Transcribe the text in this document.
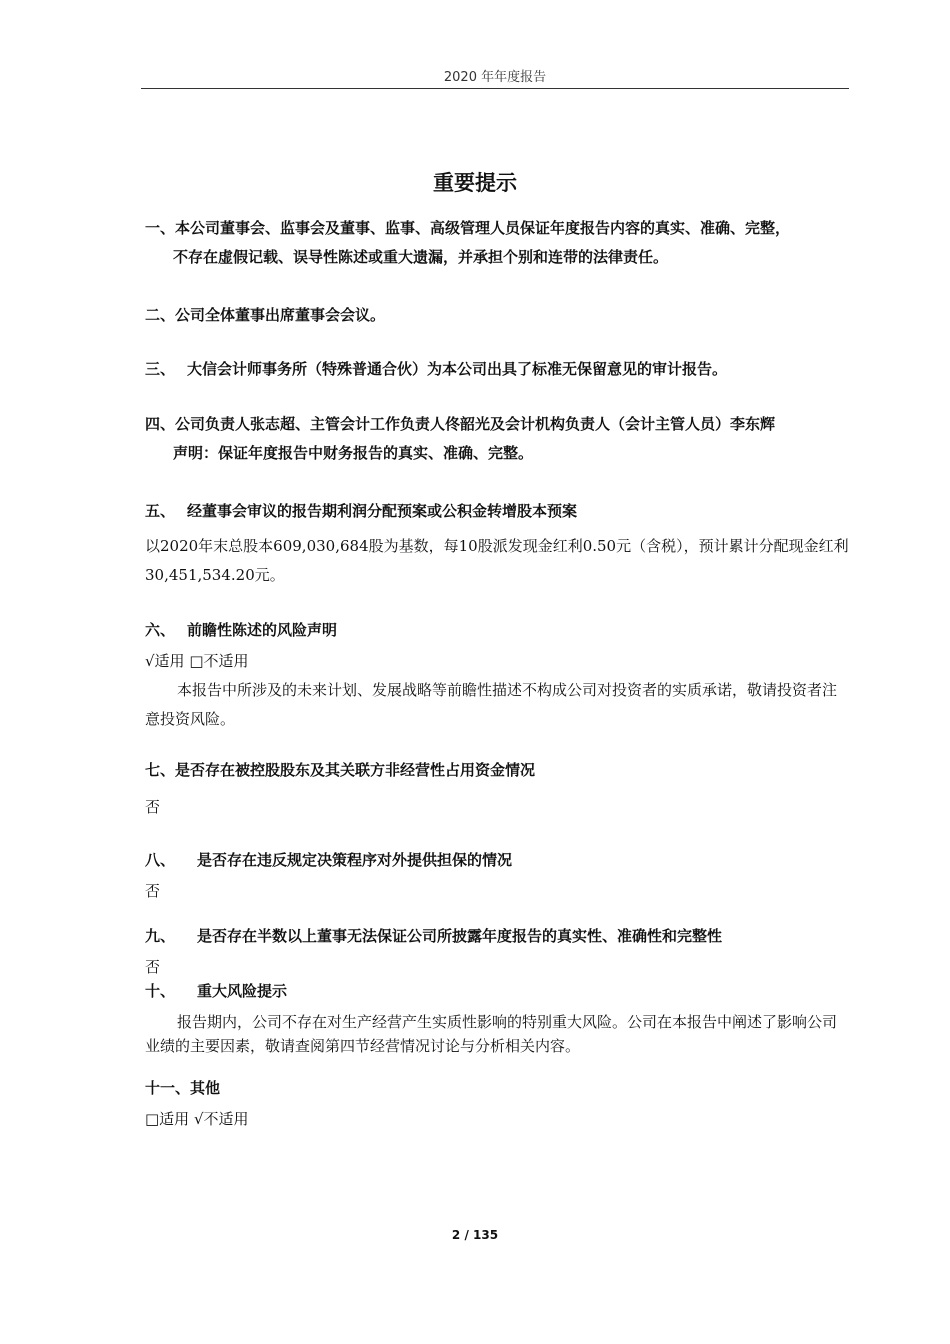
2020 年年度报告
重要提示
一、本公司董事会、监事会及董事、监事、高级管理人员保证年度报告内容的真实、准确、完整，
不存在虚假记载、误导性陈述或重大遗漏，并承担个别和连带的法律责任。
二、公司全体董事出席董事会会议。
三、 大信会计师事务所（特殊普通合伙）为本公司出具了标准无保留意见的审计报告。
四、公司负责人张志超、主管会计工作负责人佟韶光及会计机构负责人（会计主管人员）李东辉
声明：保证年度报告中财务报告的真实、准确、完整。
五、 经董事会审议的报告期利润分配预案或公积金转增股本预案
以2020年末总股本609,030,684股为基数，每10股派发现金红利0.50元（含税），预计累计分配现金红利30,451,534.20元。
六、 前瞻性陈述的风险声明
√适用 □不适用
本报告中所涉及的未来计划、发展战略等前瞻性描述不构成公司对投资者的实质承诺，敬请投资者注意投资风险。
七、是否存在被控股股东及其关联方非经营性占用资金情况
否
八、 是否存在违反规定决策程序对外提供担保的情况
否
九、 是否存在半数以上董事无法保证公司所披露年度报告的真实性、准确性和完整性
否
十、 重大风险提示
报告期内，公司不存在对生产经营产生实质性影响的特别重大风险。公司在本报告中阐述了影响公司业绩的主要因素，敬请查阅第四节经营情况讨论与分析相关内容。
十一、其他
□适用 √不适用
2 / 135
